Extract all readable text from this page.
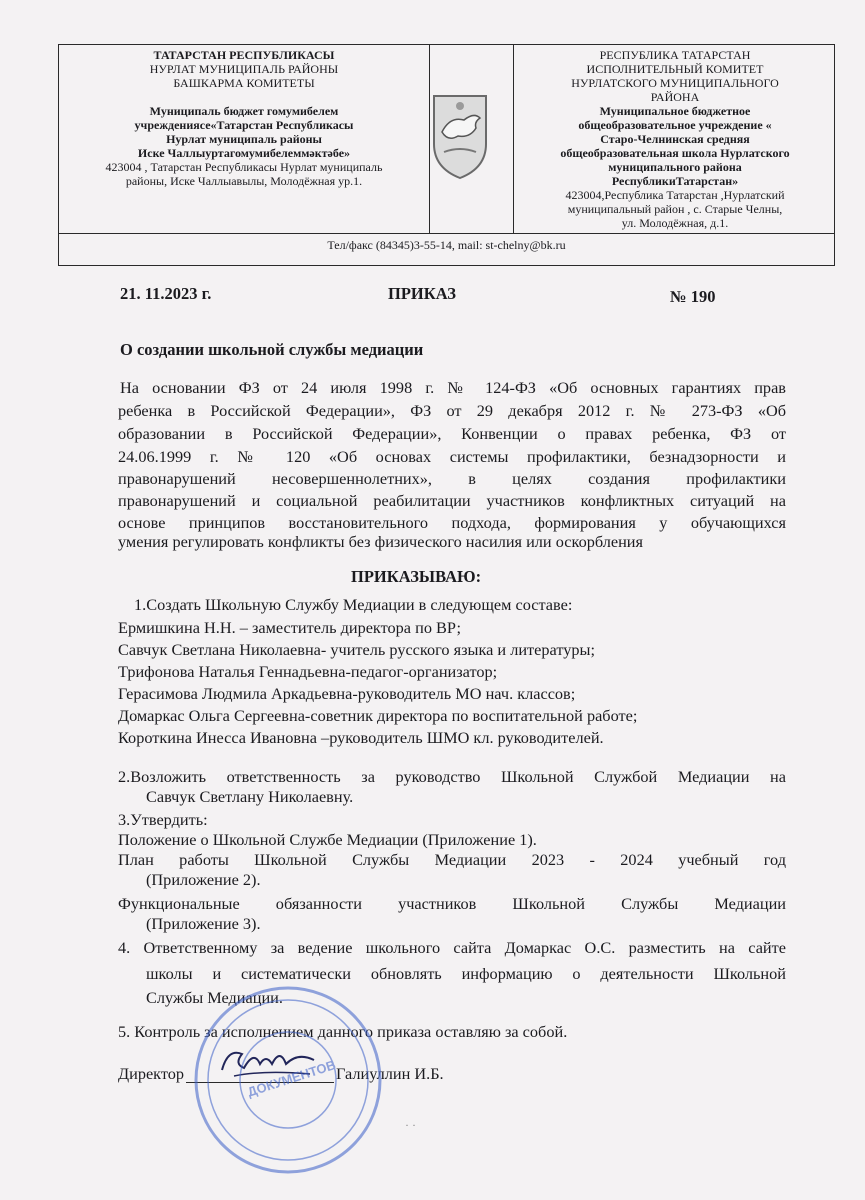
ТАТАРСТАН РЕСПУБЛИКАСЫ
НУРЛАТ МУНИЦИПАЛЬ РАЙОНЫ
БАШКАРМА КОМИТЕТЫ
Муниципаль бюджет гомумибелем
учреждениясе«Татарстан Республикасы
Нурлат муниципаль районы
Иске Чаллыуртагомумибелеммәктәбе»
423004 , Татарстан Республикасы Нурлат муниципаль
районы, Иске Чаллыавылы, Молодёжная ур.1.
РЕСПУБЛИКА ТАТАРСТАН
ИСПОЛНИТЕЛЬНЫЙ КОМИТЕТ
НУРЛАТСКОГО МУНИЦИПАЛЬНОГО
РАЙОНА
Муниципальное бюджетное
общеобразовательное учреждение «
Старо-Челнинская средняя
общеобразовательная школа Нурлатского
муниципального района
РеспубликиТатарстан»
423004,Республика Татарстан ,Нурлатский
муниципальный район , с. Старые Челны,
ул. Молодёжная, д.1.
Тел/факс (84345)3-55-14, mail: st-chelny@bk.ru
21. 11.2023 г.	ПРИКАЗ	№ 190
О создании школьной службы медиации
На основании ФЗ от 24 июля 1998 г. № 124-ФЗ «Об основных гарантиях прав
ребенка в Российской Федерации», ФЗ от 29 декабря 2012 г. № 273-ФЗ «Об
образовании в Российской Федерации», Конвенции о правах ребенка, ФЗ от
24.06.1999 г. № 120 «Об основах системы профилактики, безнадзорности и
правонарушений несовершеннолетних», в целях создания профилактики
правонарушений и социальной реабилитации участников конфликтных ситуаций на
основе принципов восстановительного подхода, формирования у обучающихся
умения регулировать конфликты без физического насилия или оскорбления
ПРИКАЗЫВАЮ:
1.Создать Школьную Службу Медиации в следующем составе:
Ермишкина Н.Н. – заместитель директора по ВР;
Савчук Светлана Николаевна- учитель русского языка и литературы;
Трифонова Наталья Геннадьевна-педагог-организатор;
Герасимова Людмила Аркадьевна-руководитель МО нач. классов;
Домаркас Ольга Сергеевна-советник директора по воспитательной работе;
Короткина Инесса Ивановна –руководитель ШМО кл. руководителей.
2.Возложить ответственность за руководство Школьной Службой Медиации на
Савчук Светлану Николаевну.
3.Утвердить:
Положение о Школьной Службе Медиации (Приложение 1).
План работы Школьной Службы Медиации 2023 - 2024 учебный год
(Приложение 2).
Функциональные обязанности участников Школьной Службы Медиации
(Приложение 3).
4. Ответственному за ведение школьного сайта Домаркас О.С. разместить на сайте
школы и систематически обновлять информацию о деятельности Школьной
Службы Медиации.
5. Контроль за исполнением данного приказа оставляю за собой.
Директор	Галиуллин И.Б.
ДОКУМЕНТОВ
· ·
